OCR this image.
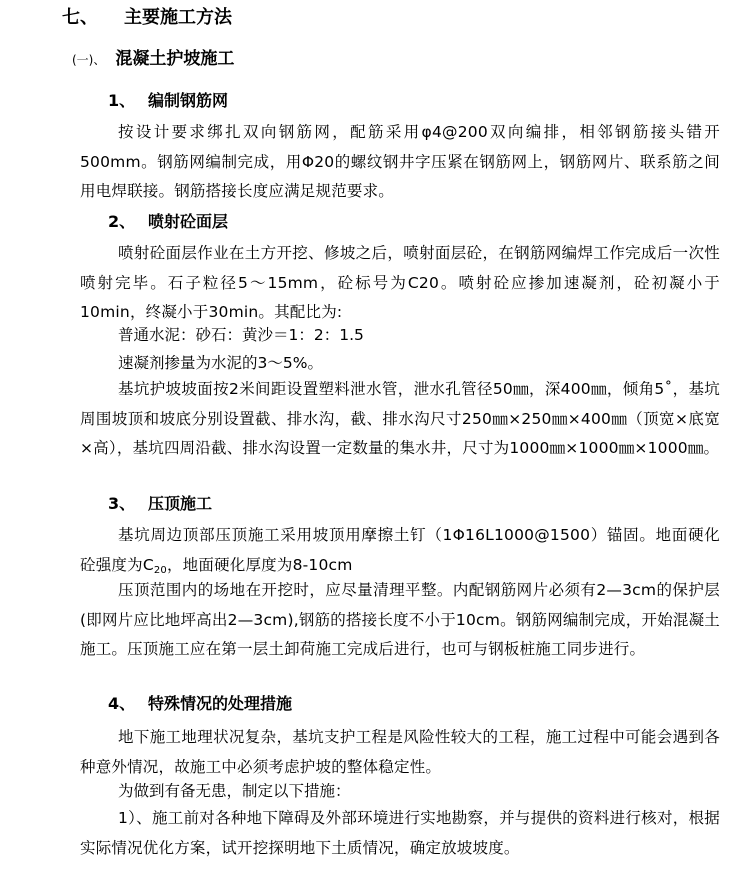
七、 主要施工方法
(一)、 混凝土护坡施工
1、 编制钢筋网

按设计要求绑扎双向钢筋网，配筋采用φ4@200双向编排，相邻钢筋接头错开500mm。钢筋网编制完成，用Φ20的螺纹钢井字压紧在钢筋网上，钢筋网片、联系筋之间用电焊联接。钢筋搭接长度应满足规范要求。

2、 喷射砼面层

喷射砼面层作业在土方开挖、修坡之后，喷射面层砼，在钢筋网编焊工作完成后一次性喷射完毕。石子粒径5～15mm，砼标号为C20。喷射砼应掺加速凝剂，砼初凝小于10min，终凝小于30min。其配比为:

普通水泥：砂石：黄沙＝1：2：1.5

速凝剂掺量为水泥的3～5%。

基坑护坡坡面按2米间距设置塑料泄水管，泄水孔管径50㎜，深400㎜，倾角5˚，基坑周围坡顶和坡底分别设置截、排水沟，截、排水沟尺寸250㎜×250㎜×400㎜（顶宽×底宽×高），基坑四周沿截、排水沟设置一定数量的集水井，尺寸为1000㎜×1000㎜×1000㎜。

3、 压顶施工

基坑周边顶部压顶施工采用坡顶用摩擦土钉（1Φ16L1000@1500）锚固。地面硬化砼强度为$C_{20}$，地面硬化厚度为8-10cm

压顶范围内的场地在开挖时，应尽量清理平整。内配钢筋网片必须有2—3cm的保护层(即网片应比地坪高出2—3cm),钢筋的搭接长度不小于10cm。钢筋网编制完成，开始混凝土施工。压顶施工应在第一层土卸荷施工完成后进行，也可与钢板桩施工同步进行。

4、 特殊情况的处理措施

地下施工地理状况复杂，基坑支护工程是风险性较大的工程，施工过程中可能会遇到各种意外情况，故施工中必须考虑护坡的整体稳定性。

为做到有备无患，制定以下措施：

1）、施工前对各种地下障碍及外部环境进行实地勘察，并与提供的资料进行核对，根据实际情况优化方案，试开挖探明地下土质情况，确定放坡坡度。
